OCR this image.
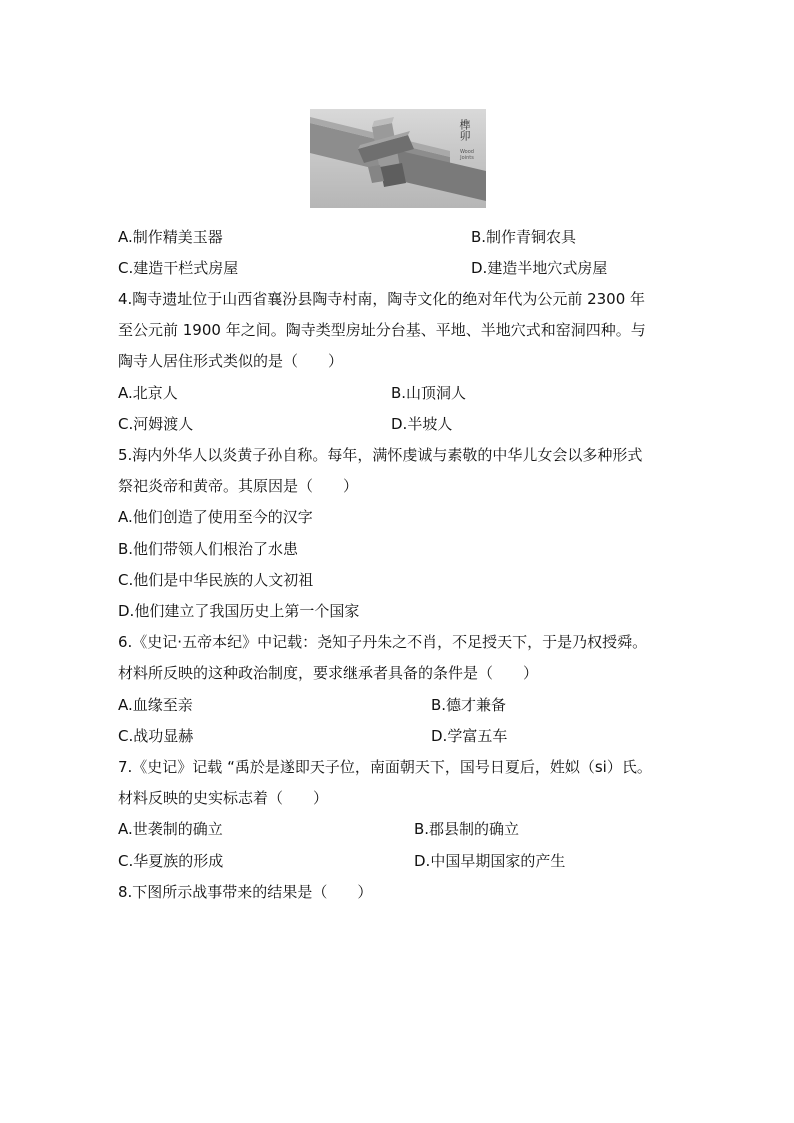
榫卯
Wood
Joints
A.制作精美玉器	B.制作青铜农具
C.建造干栏式房屋	D.建造半地穴式房屋
4.陶寺遗址位于山西省襄汾县陶寺村南，陶寺文化的绝对年代为公元前 2300 年
至公元前 1900 年之间。陶寺类型房址分台基、平地、半地穴式和窑洞四种。与
陶寺人居住形式类似的是（　　）
A.北京人	B.山顶洞人
C.河姆渡人	D.半坡人
5.海内外华人以炎黄子孙自称。每年，满怀虔诚与素敬的中华儿女会以多种形式
祭祀炎帝和黄帝。其原因是（　　）
A.他们创造了使用至今的汉字
B.他们带领人们根治了水患
C.他们是中华民族的人文初祖
D.他们建立了我国历史上第一个国家
6.《史记·五帝本纪》中记载：尧知子丹朱之不肖，不足授天下，于是乃权授舜。
材料所反映的这种政治制度，要求继承者具备的条件是（　　）
A.血缘至亲	B.德才兼备
C.战功显赫	D.学富五车
7.《史记》记载 “禹於是遂即天子位，南面朝天下，国号日夏后，姓姒（si）氏。
材料反映的史实标志着（　　）
A.世袭制的确立	B.郡县制的确立
C.华夏族的形成	D.中国早期国家的产生
8.下图所示战事带来的结果是（　　）
